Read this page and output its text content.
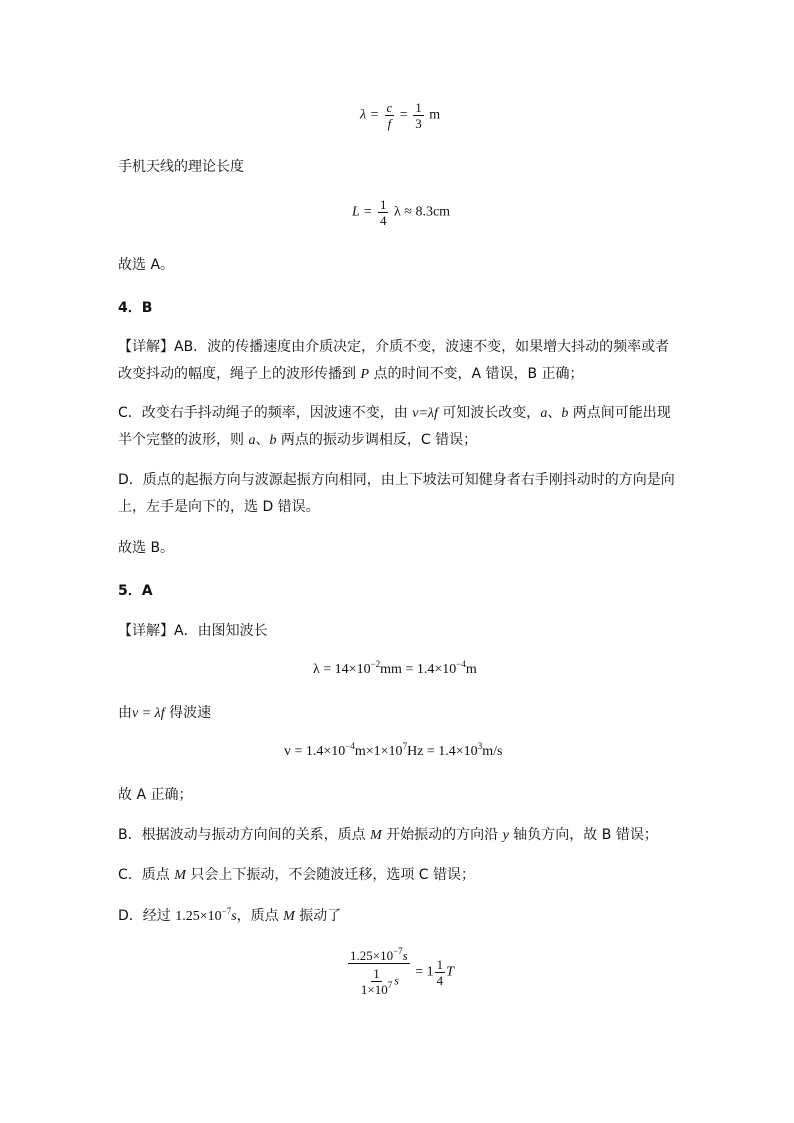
$\lambda = \frac{c}{f} = \frac{1}{3}$ m
手机天线的理论长度
$L = \frac{1}{4}$ λ ≈ 8.3cm
故选 A。
4．B
【详解】AB．波的传播速度由介质决定，介质不变，波速不变，如果增大抖动的频率或者
改变抖动的幅度，绳子上的波形传播到 P 点的时间不变，A 错误，B 正确；
C．改变右手抖动绳子的频率，因波速不变，由 v=λf 可知波长改变，a、b 两点间可能出现
半个完整的波形，则 a、b 两点的振动步调相反，C 错误；
D．质点的起振方向与波源起振方向相同，由上下坡法可知健身者右手刚抖动时的方向是向
上，左手是向下的，选 D 错误。
故选 B。
5．A
【详解】A．由图知波长
$\lambda = 14\times 10^{-2}mm = 1.4\times 10^{-4}m$
由v = λf 得波速
$v = 1.4\times 10^{-4}m\times 1\times 10^7Hz = 1.4\times 10^3m/s$
故 A 正确；
B．根据波动与振动方向间的关系，质点 M 开始振动的方向沿 y 轴负方向，故 B 错误；
C．质点 M 只会上下振动，不会随波迁移，选项 C 错误；
D．经过 $1.25\times 10^{-7}s$，质点 M 振动了
$\frac{1.25\times 10^{-7}s}{\frac{1}{1\times 10^7} s} = 1 \frac{1}{4}$ T
